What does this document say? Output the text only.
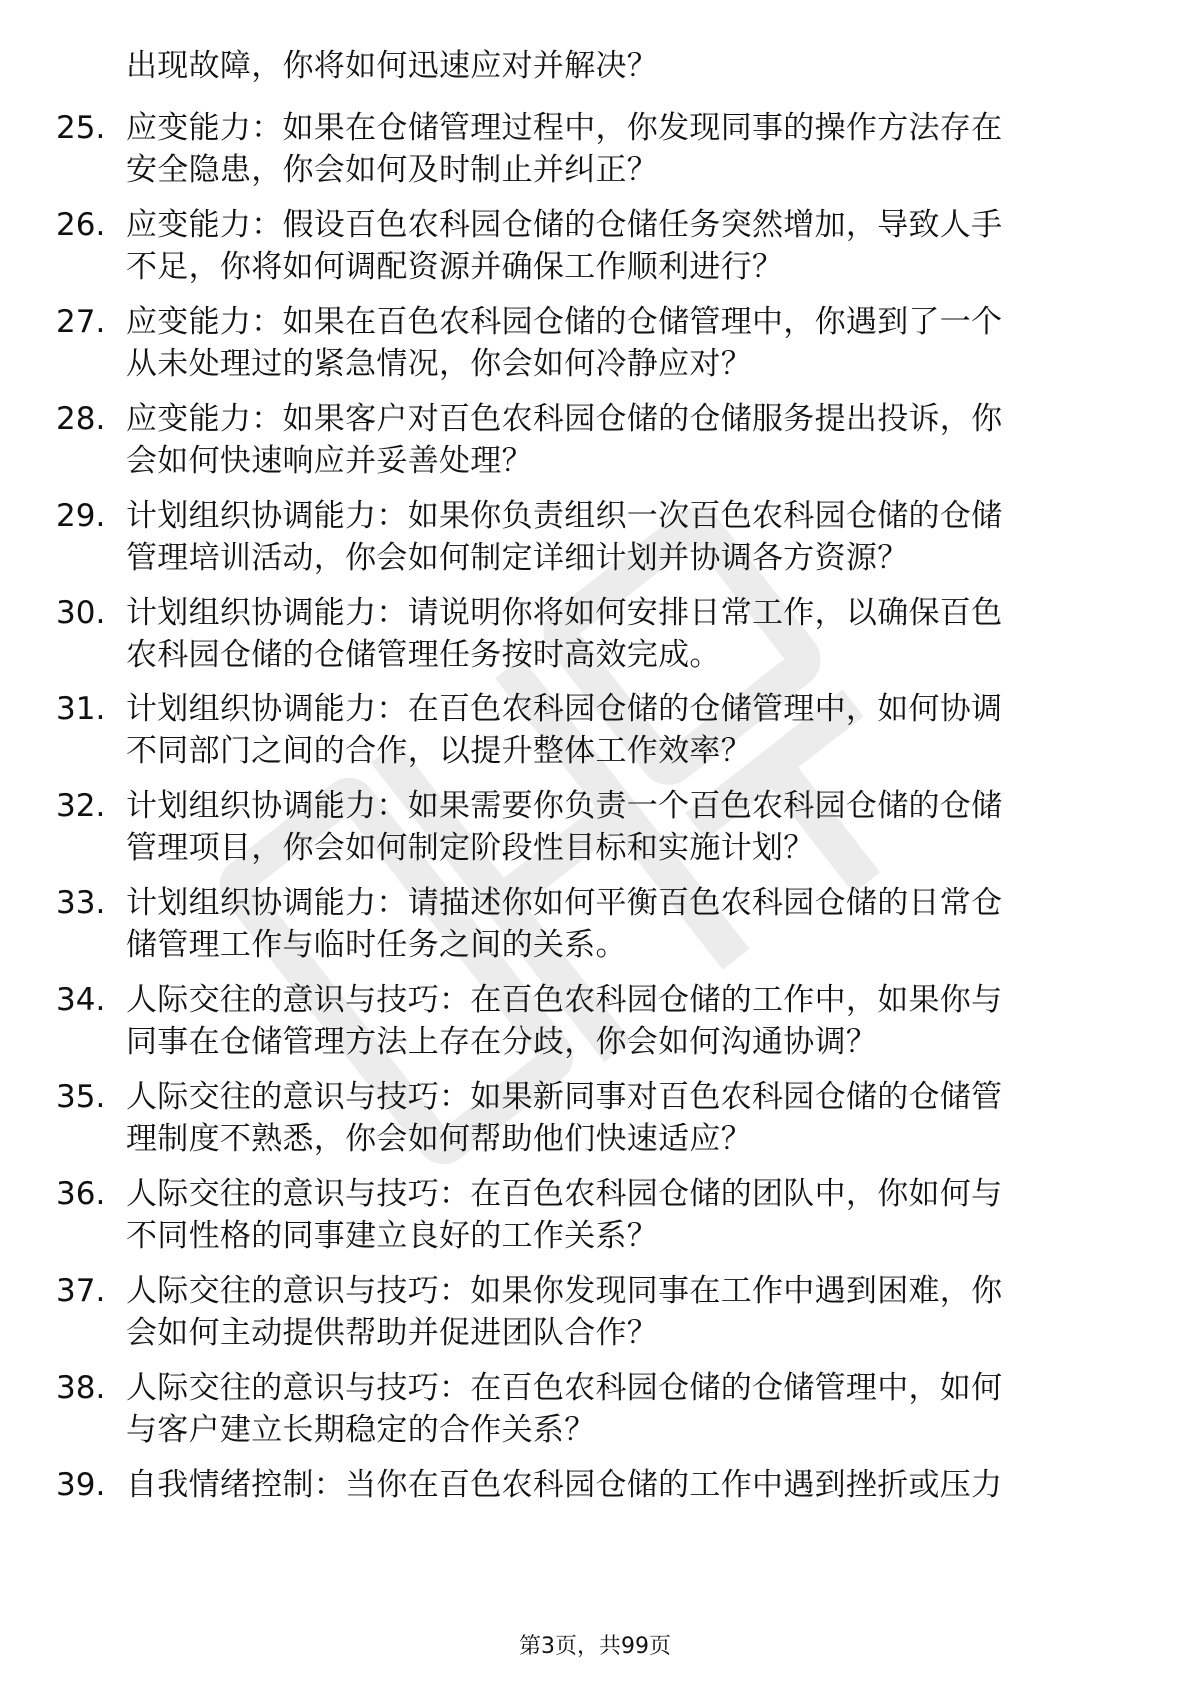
出现故障，你将如何迅速应对并解决？
25. 应变能力：如果在仓储管理过程中，你发现同事的操作方法存在
安全隐患，你会如何及时制止并纠正？
26. 应变能力：假设百色农科园仓储的仓储任务突然增加，导致人手
不足，你将如何调配资源并确保工作顺利进行？
27. 应变能力：如果在百色农科园仓储的仓储管理中，你遇到了一个
从未处理过的紧急情况，你会如何冷静应对？
28. 应变能力：如果客户对百色农科园仓储的仓储服务提出投诉，你
会如何快速响应并妥善处理？
29. 计划组织协调能力：如果你负责组织一次百色农科园仓储的仓储
管理培训活动，你会如何制定详细计划并协调各方资源？
30. 计划组织协调能力：请说明你将如何安排日常工作，以确保百色
农科园仓储的仓储管理任务按时高效完成。
31. 计划组织协调能力：在百色农科园仓储的仓储管理中，如何协调
不同部门之间的合作，以提升整体工作效率？
32. 计划组织协调能力：如果需要你负责一个百色农科园仓储的仓储
管理项目，你会如何制定阶段性目标和实施计划？
33. 计划组织协调能力：请描述你如何平衡百色农科园仓储的日常仓
储管理工作与临时任务之间的关系。
34. 人际交往的意识与技巧：在百色农科园仓储的工作中，如果你与
同事在仓储管理方法上存在分歧，你会如何沟通协调？
35. 人际交往的意识与技巧：如果新同事对百色农科园仓储的仓储管
理制度不熟悉，你会如何帮助他们快速适应？
36. 人际交往的意识与技巧：在百色农科园仓储的团队中，你如何与
不同性格的同事建立良好的工作关系？
37. 人际交往的意识与技巧：如果你发现同事在工作中遇到困难，你
会如何主动提供帮助并促进团队合作？
38. 人际交往的意识与技巧：在百色农科园仓储的仓储管理中，如何
与客户建立长期稳定的合作关系？
39. 自我情绪控制：当你在百色农科园仓储的工作中遇到挫折或压力
第3页，共99页
